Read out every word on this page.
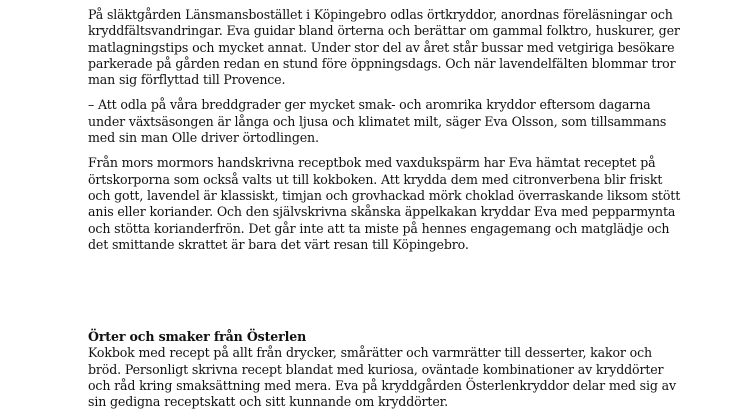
På släktgården Länsmansbostället i Köpingebro odlas örtkryddor, anordnas föreläsningar och kryddfältsvandringar. Eva guidar bland örterna och berättar om gammal folktro, huskurer, ger matlagningstips och mycket annat. Under stor del av året står bussar med vetgiriga besökare parkerade på gården redan en stund före öppningsdags. Och när lavendelfälten blommar tror man sig förflyttad till Provence.

– Att odla på våra breddgrader ger mycket smak- och aromrika kryddor eftersom dagarna under växtsäsongen är långa och ljusa och klimatet milt, säger Eva Olsson, som tillsammans med sin man Olle driver örtodlingen.

Från mors mormors handskrivna receptbok med vaxdukspärm har Eva hämtat receptet på örtskorporna som också valts ut till kokboken. Att krydda dem med citronverbena blir friskt och gott, lavendel är klassiskt, timjan och grovhackad mörk choklad överraskande liksom stött anis eller koriander. Och den självskrivna skånska äppelkakan kryddar Eva med pepparmynta och stötta korianderfrön. Det går inte att ta miste på hennes engagemang och matglädje och det smittande skrattet är bara det värt resan till Köpingebro.

Örter och smaker från Österlen

Kokbok med recept på allt från drycker, smårätter och varmrätter till desserter, kakor och bröd. Personligt skrivna recept blandat med kuriosa, oväntade kombinationer av kryddörter och råd kring smaksättning med mera. Eva på kryddgården Österlenkryddor delar med sig av sin gedigna receptskatt och sitt kunnande om kryddörter.
